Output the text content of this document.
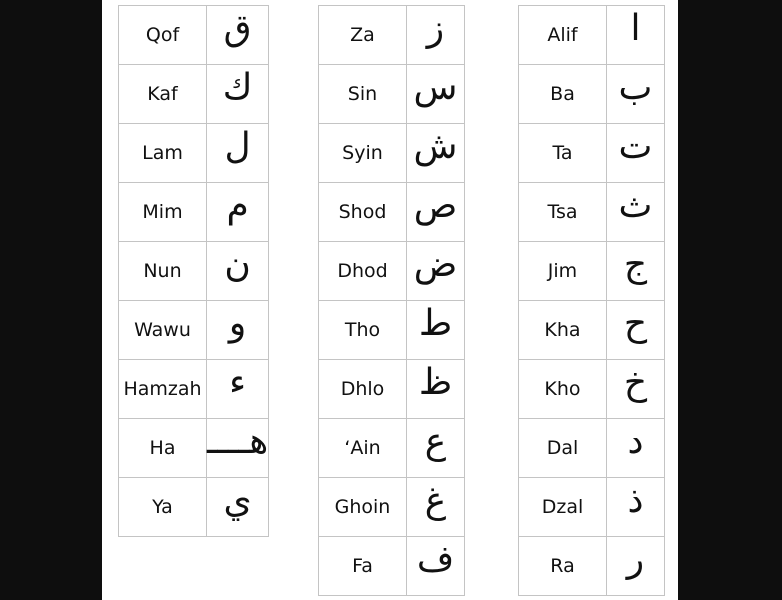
Qof	ق
Kaf	ك
Lam	ل
Mim	م
Nun	ن
Wawu	و
Hamzah	ء
Ha	هــــ
Ya	ي
Za	ز
Sin	س
Syin	ش
Shod	ص
Dhod	ض
Tho	ط
Dhlo	ظ
‘Ain	ع
Ghoin	غ
Fa	ف
Alif	ا
Ba	ب
Ta	ت
Tsa	ث
Jim	ج
Kha	ح
Kho	خ
Dal	د
Dzal	ذ
Ra	ر
